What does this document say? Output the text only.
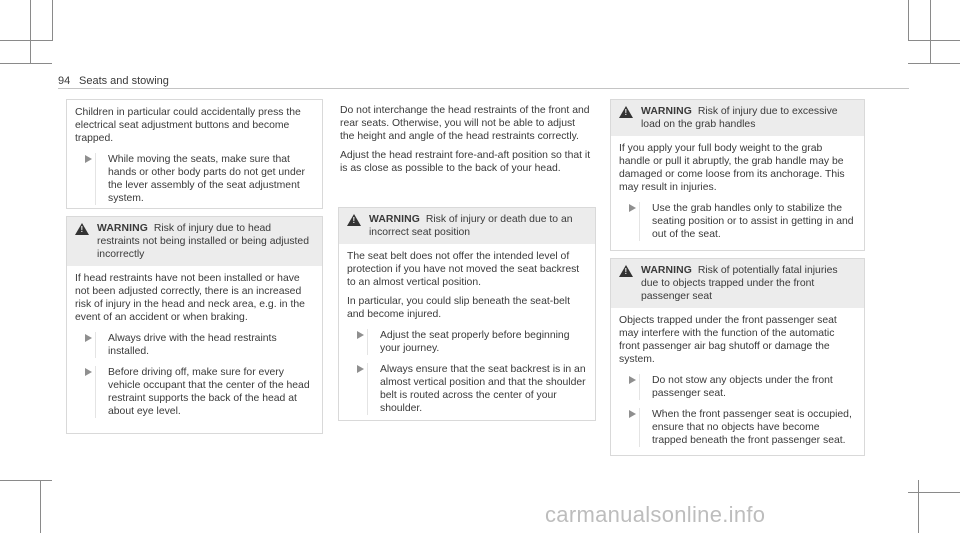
94 Seats and stowing

Children in particular could accidentally press the electrical seat adjustment buttons and become trapped.

While moving the seats, make sure that hands or other body parts do not get under the lever assembly of the seat adjustment system.
! WARNING Risk of injury due to head restraints not being installed or being adjusted incorrectly

If head restraints have not been installed or have not been adjusted correctly, there is an increased risk of injury in the head and neck area, e.g. in the event of an accident or when braking.

Always drive with the head restraints installed.
Before driving off, make sure for every vehicle occupant that the center of the head restraint supports the back of the head at about eye level.

Do not interchange the head restraints of the front and rear seats. Otherwise, you will not be able to adjust the height and angle of the head restraints correctly.

Adjust the head restraint fore-and-aft position so that it is as close as possible to the back of your head.

! WARNING Risk of injury or death due to an incorrect seat position

The seat belt does not offer the intended level of protection if you have not moved the seat backrest to an almost vertical position.

In particular, you could slip beneath the seat-belt and become injured.

Adjust the seat properly before beginning your journey.
Always ensure that the seat backrest is in an almost vertical position and that the shoulder belt is routed across the center of your shoulder.
! WARNING Risk of injury due to excessive load on the grab handles

If you apply your full body weight to the grab handle or pull it abruptly, the grab handle may be damaged or come loose from its anchorage. This may result in injuries.

Use the grab handles only to stabilize the seating position or to assist in getting in and out of the seat.
! WARNING Risk of potentially fatal injuries due to objects trapped under the front passenger seat

Objects trapped under the front passenger seat may interfere with the function of the automatic front passenger air bag shutoff or damage the system.

Do not stow any objects under the front passenger seat.
When the front passenger seat is occupied, ensure that no objects have become trapped beneath the front passenger seat.
carmanualsonline.info
